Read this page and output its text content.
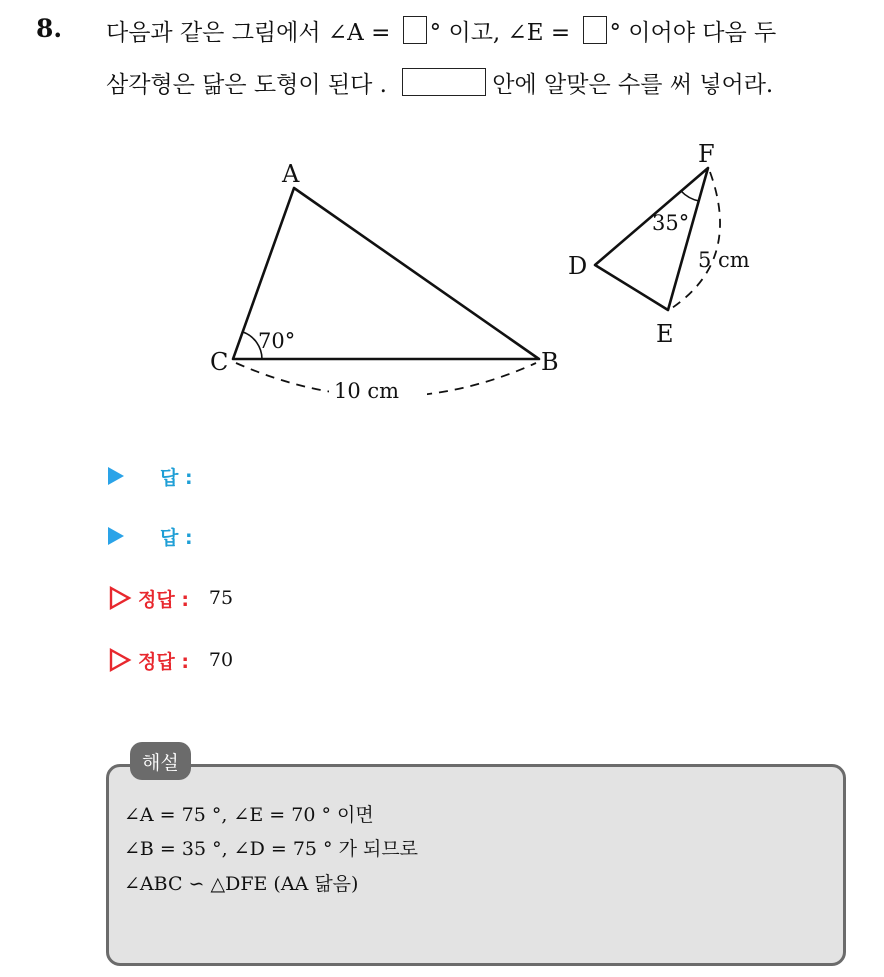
8. 다음과 같은 그림에서 ∠A = ° 이고, ∠E = ° 이어야 다음 두
삼각형은 닮은 도형이 된다 .	안에 알맞은 수를 써 넣어라.
A
B
C
D
E
F
70°
35°
5 cm
10 cm
답 :
답 :
정답 : 75
정답 : 70
해설
∠A = 75 °, ∠E = 70 ° 이면
∠B = 35 °, ∠D = 75 ° 가 되므로
∠ABC ∽ △DFE (AA 닮음)
